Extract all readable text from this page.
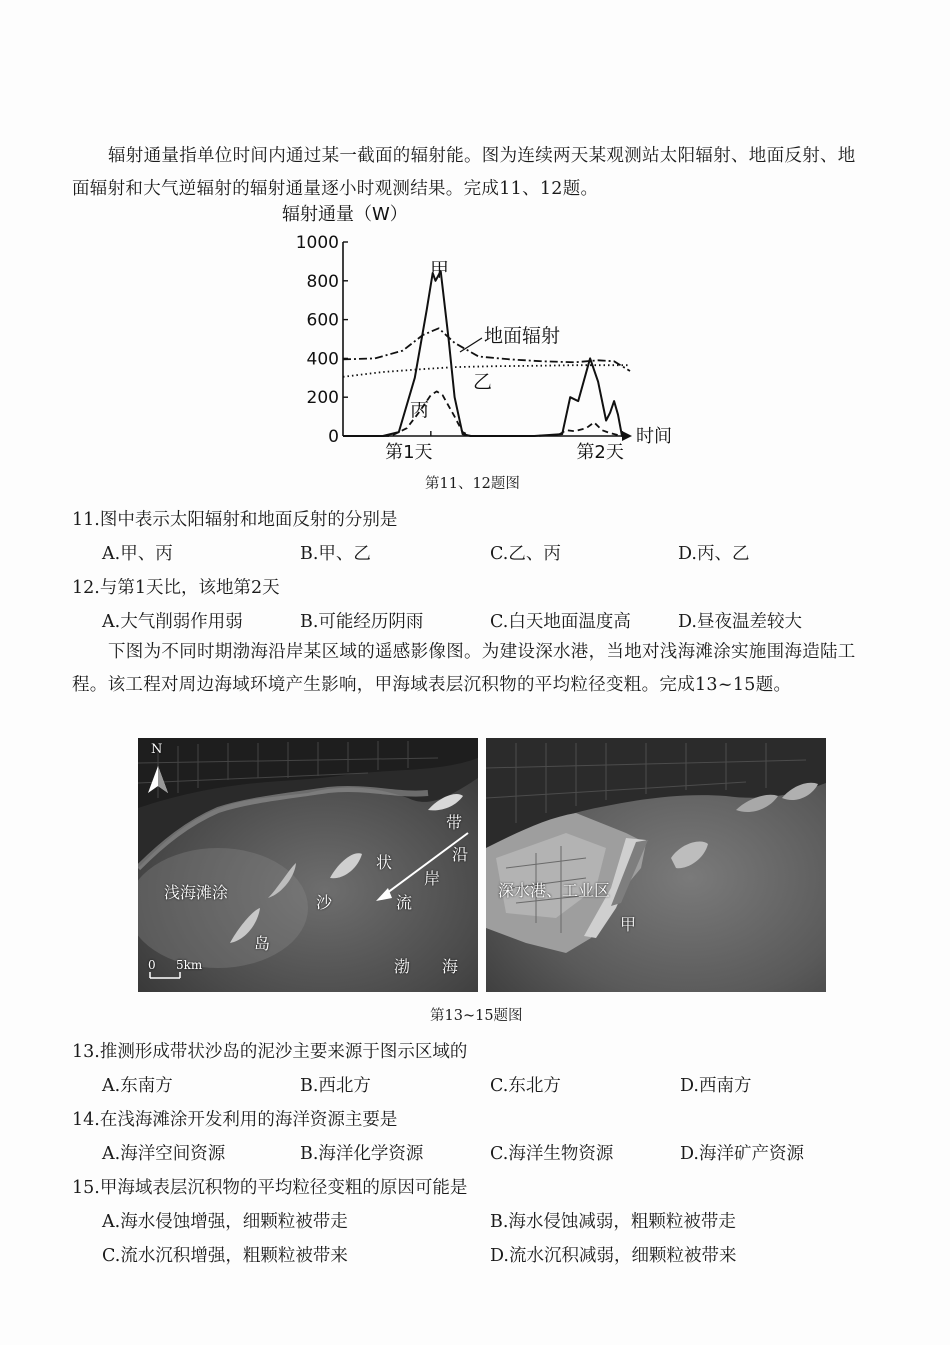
辐射通量指单位时间内通过某一截面的辐射能。图为连续两天某观测站太阳辐射、地面反射、地面辐射和大气逆辐射的辐射通量逐小时观测结果。完成11、12题。

辐射通量（W）
时间
0
200
400
600
800
1000
第1天	第2天
甲
乙
丙
地面辐射
第11、12题图
11.图中表示太阳辐射和地面反射的分别是
A.甲、丙	B.甲、乙	C.乙、丙	D.丙、乙
12.与第1天比，该地第2天
A.大气削弱作用弱	B.可能经历阴雨	C.白天地面温度高	D.昼夜温差较大

下图为不同时期渤海沿岸某区域的遥感影像图。为建设深水港，当地对浅海滩涂实施围海造陆工程。该工程对周边海域环境产生影响，甲海域表层沉积物的平均粒径变粗。完成13~15题。

N
浅海滩涂
带
状
沙
岛
沿
岸
流
渤 海
0 5km
深水港、工业区
甲
第13~15题图
13.推测形成带状沙岛的泥沙主要来源于图示区域的
A.东南方	B.西北方	C.东北方	D.西南方
14.在浅海滩涂开发利用的海洋资源主要是
A.海洋空间资源	B.海洋化学资源	C.海洋生物资源	D.海洋矿产资源
15.甲海域表层沉积物的平均粒径变粗的原因可能是
A.海水侵蚀增强，细颗粒被带走	B.海水侵蚀减弱，粗颗粒被带走
C.流水沉积增强，粗颗粒被带来	D.流水沉积减弱，细颗粒被带来
